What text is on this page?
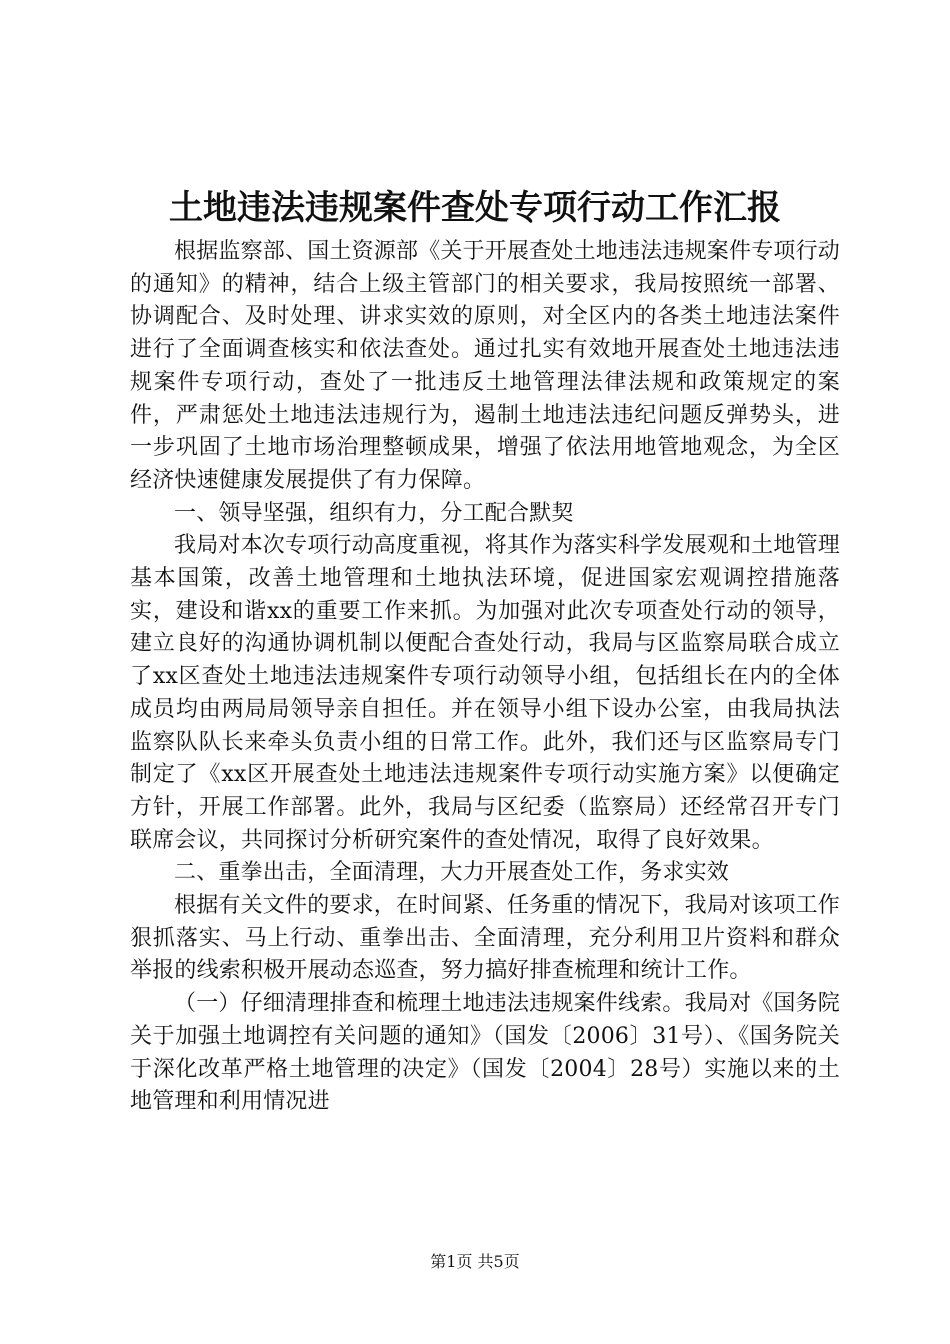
土地违法违规案件查处专项行动工作汇报

根据监察部、国土资源部《关于开展查处土地违法违规案件专项行动的通知》的精神，结合上级主管部门的相关要求，我局按照统一部署、协调配合、及时处理、讲求实效的原则，对全区内的各类土地违法案件进行了全面调查核实和依法查处。通过扎实有效地开展查处土地违法违规案件专项行动，查处了一批违反土地管理法律法规和政策规定的案件，严肃惩处土地违法违规行为，遏制土地违法违纪问题反弹势头，进一步巩固了土地市场治理整顿成果，增强了依法用地管地观念，为全区经济快速健康发展提供了有力保障。

一、领导坚强，组织有力，分工配合默契

我局对本次专项行动高度重视，将其作为落实科学发展观和土地管理基本国策，改善土地管理和土地执法环境，促进国家宏观调控措施落实，建设和谐xx的重要工作来抓。为加强对此次专项查处行动的领导，建立良好的沟通协调机制以便配合查处行动，我局与区监察局联合成立了xx区查处土地违法违规案件专项行动领导小组，包括组长在内的全体成员均由两局局领导亲自担任。并在领导小组下设办公室，由我局执法监察队队长来牵头负责小组的日常工作。此外，我们还与区监察局专门制定了《xx区开展查处土地违法违规案件专项行动实施方案》以便确定方针，开展工作部署。此外，我局与区纪委（监察局）还经常召开专门联席会议，共同探讨分析研究案件的查处情况，取得了良好效果。

二、重拳出击，全面清理，大力开展查处工作，务求实效

根据有关文件的要求，在时间紧、任务重的情况下，我局对该项工作狠抓落实、马上行动、重拳出击、全面清理，充分利用卫片资料和群众举报的线索积极开展动态巡查，努力搞好排查梳理和统计工作。

（一）仔细清理排查和梳理土地违法违规案件线索。我局对《国务院关于加强土地调控有关问题的通知》（国发〔2006〕31号）、《国务院关于深化改革严格土地管理的决定》（国发〔2004〕28号）实施以来的土地管理和利用情况进

第1页 共5页
